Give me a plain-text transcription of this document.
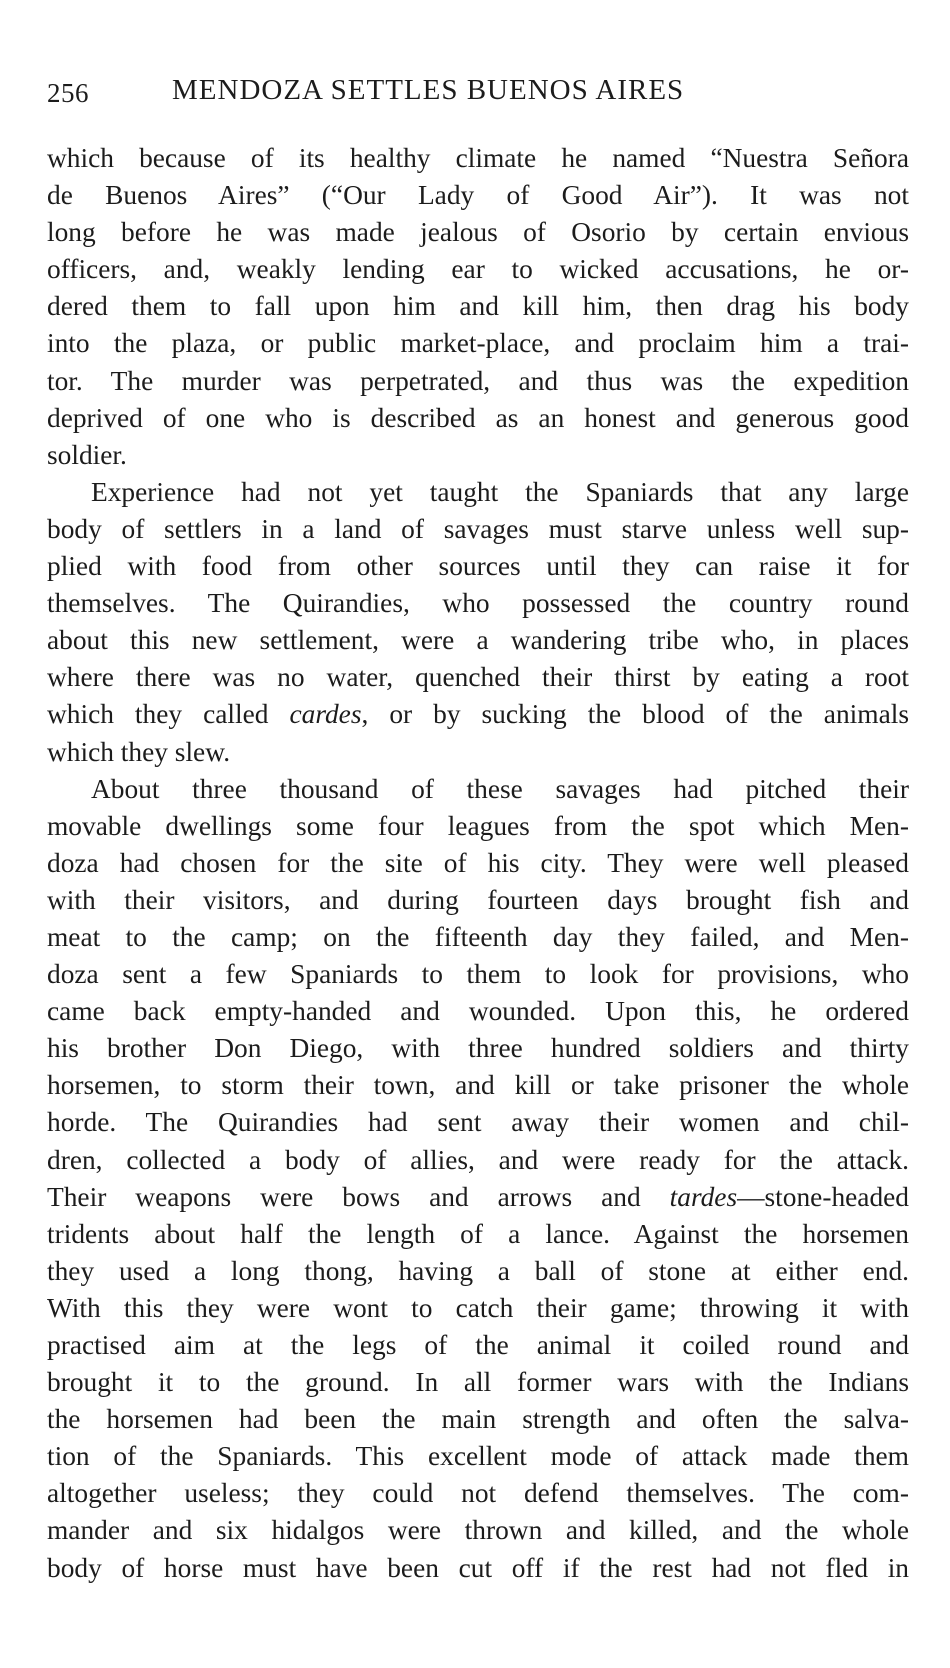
256	MENDOZA SETTLES BUENOS AIRES
which because of its healthy climate he named “Nuestra Señora
de Buenos Aires” (“Our Lady of Good Air”). It was not
long before he was made jealous of Osorio by certain envious
officers, and, weakly lending ear to wicked accusations, he or-
dered them to fall upon him and kill him, then drag his body
into the plaza, or public market-place, and proclaim him a trai-
tor. The murder was perpetrated, and thus was the expedition
deprived of one who is described as an honest and generous good
soldier.
Experience had not yet taught the Spaniards that any large
body of settlers in a land of savages must starve unless well sup-
plied with food from other sources until they can raise it for
themselves. The Quirandies, who possessed the country round
about this new settlement, were a wandering tribe who, in places
where there was no water, quenched their thirst by eating a root
which they called cardes, or by sucking the blood of the animals
which they slew.
About three thousand of these savages had pitched their
movable dwellings some four leagues from the spot which Men-
doza had chosen for the site of his city. They were well pleased
with their visitors, and during fourteen days brought fish and
meat to the camp; on the fifteenth day they failed, and Men-
doza sent a few Spaniards to them to look for provisions, who
came back empty-handed and wounded. Upon this, he ordered
his brother Don Diego, with three hundred soldiers and thirty
horsemen, to storm their town, and kill or take prisoner the whole
horde. The Quirandies had sent away their women and chil-
dren, collected a body of allies, and were ready for the attack.
Their weapons were bows and arrows and tardes—stone-headed
tridents about half the length of a lance. Against the horsemen
they used a long thong, having a ball of stone at either end.
With this they were wont to catch their game; throwing it with
practised aim at the legs of the animal it coiled round and
brought it to the ground. In all former wars with the Indians
the horsemen had been the main strength and often the salva-
tion of the Spaniards. This excellent mode of attack made them
altogether useless; they could not defend themselves. The com-
mander and six hidalgos were thrown and killed, and the whole
body of horse must have been cut off if the rest had not fled in
